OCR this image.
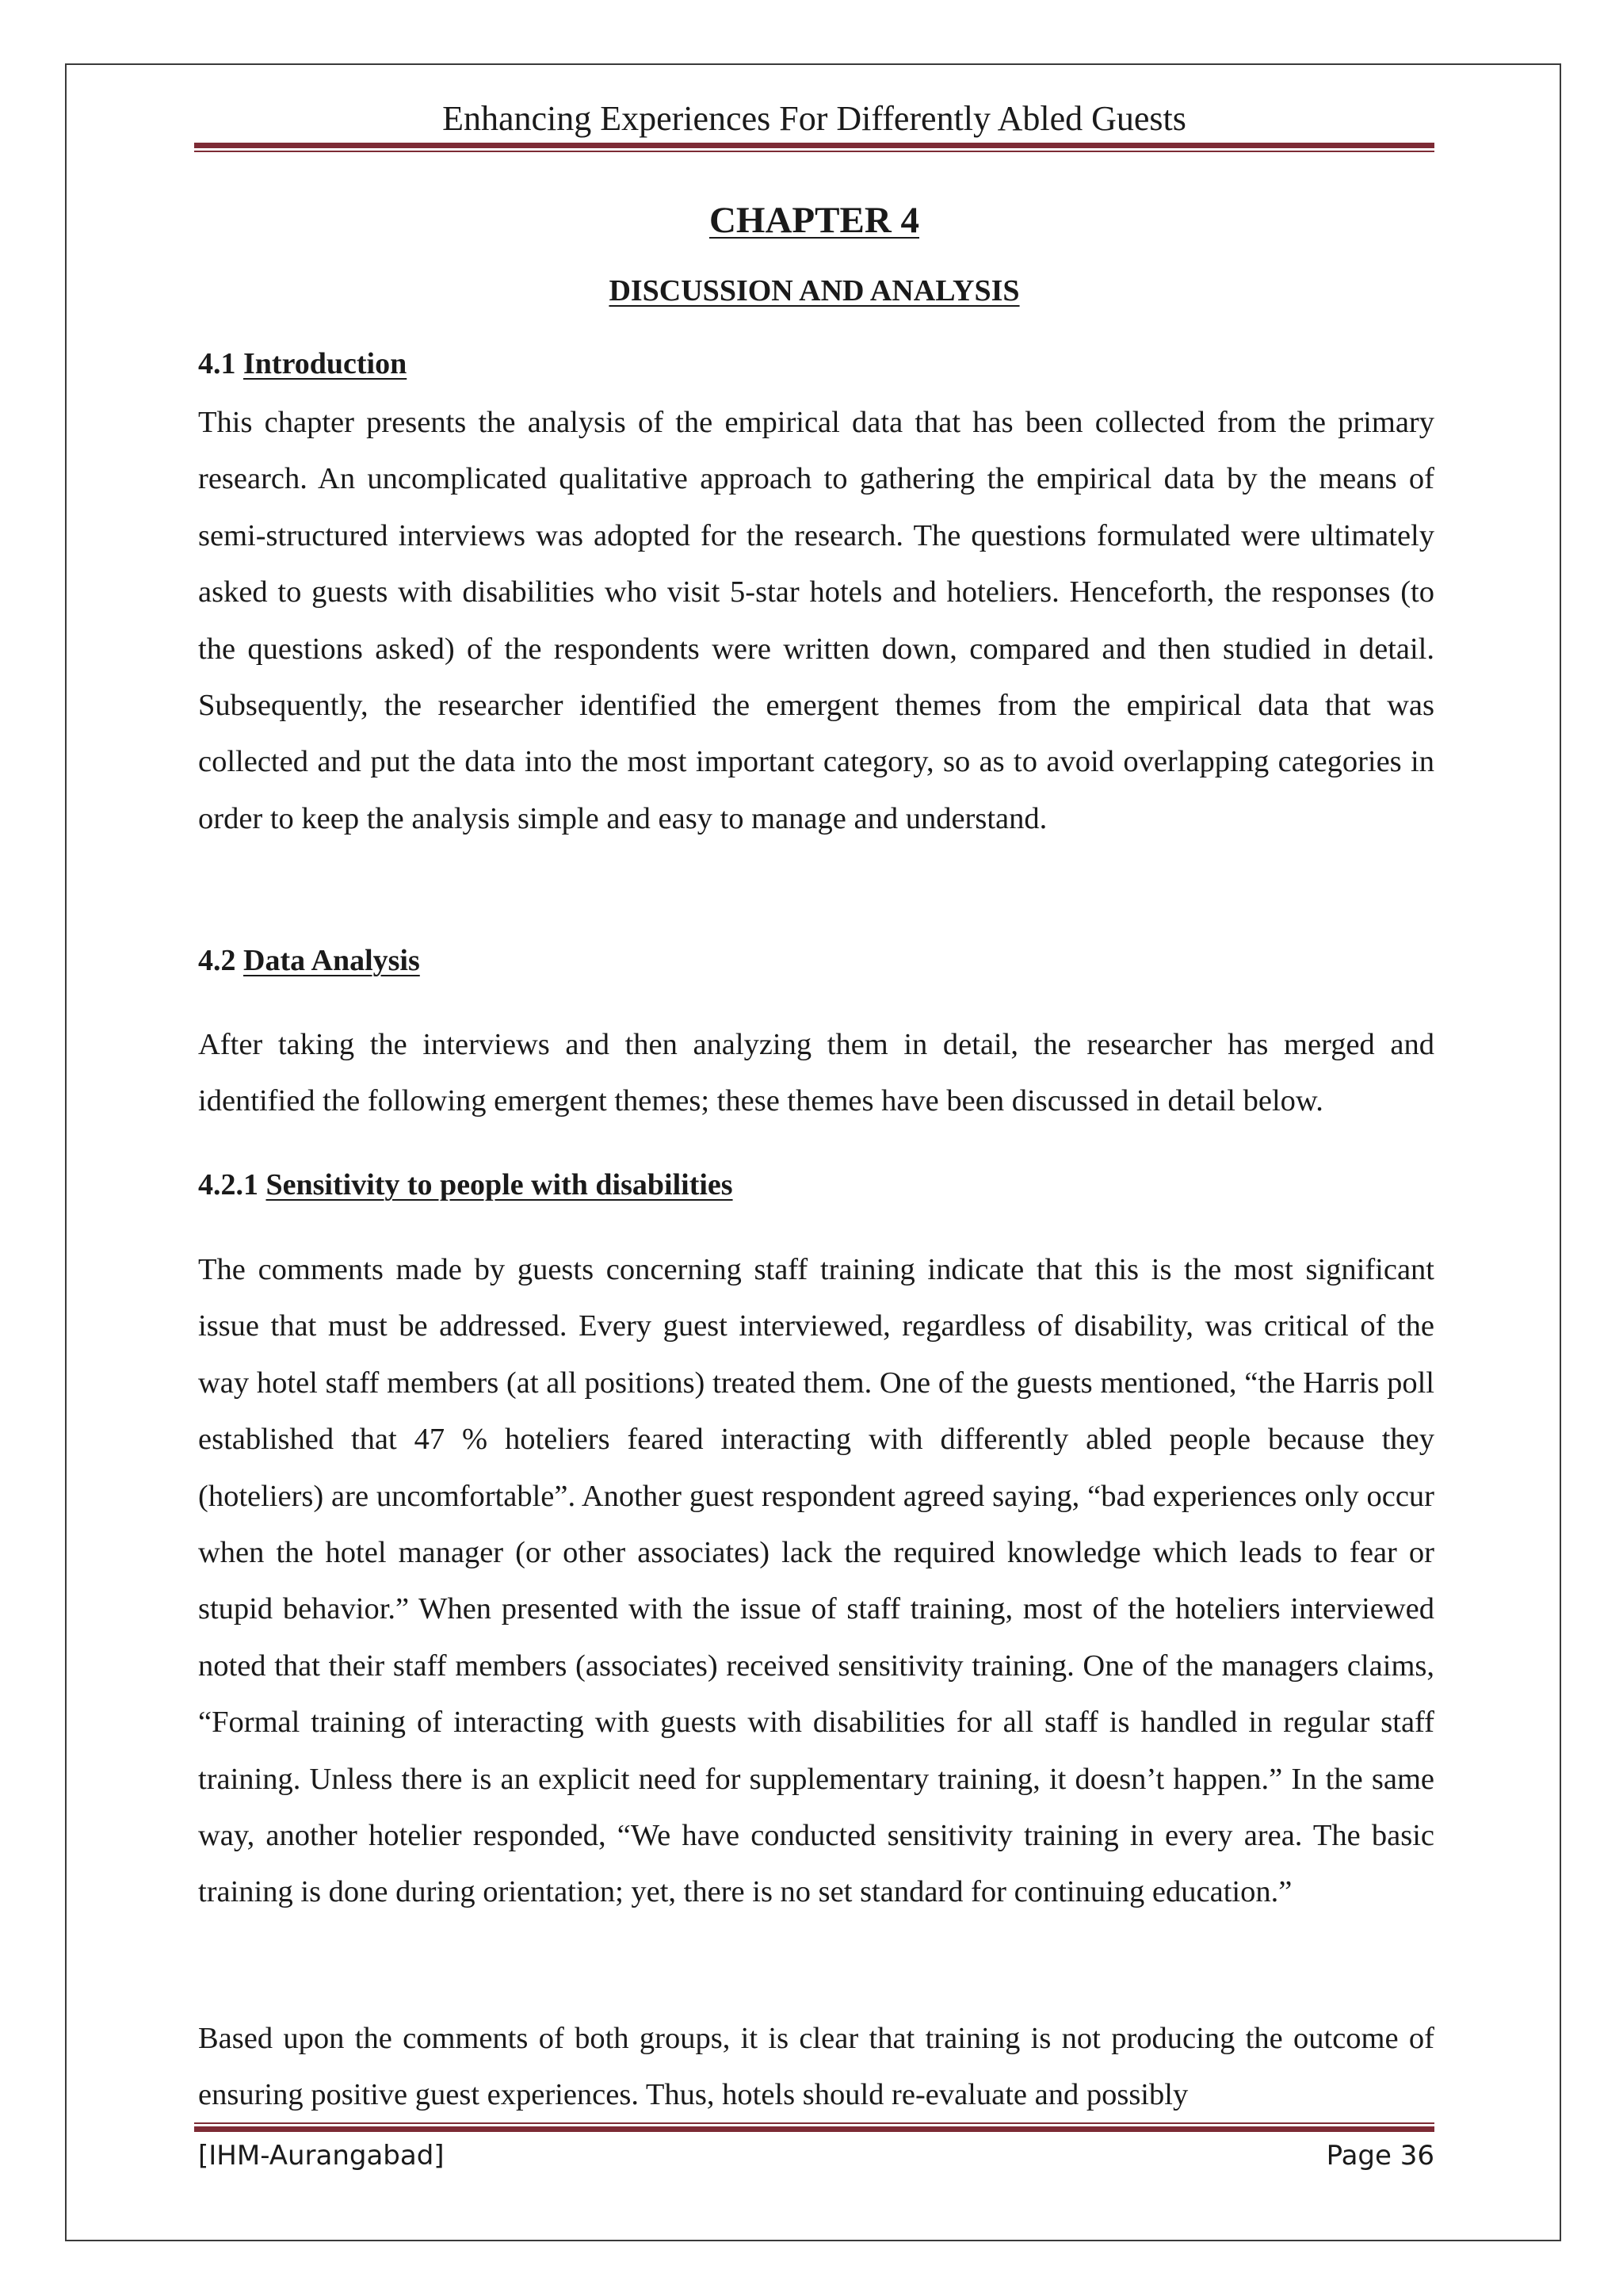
Enhancing Experiences For Differently Abled Guests
CHAPTER 4
DISCUSSION AND ANALYSIS
4.1 Introduction

This chapter presents the analysis of the empirical data that has been collected from the primary research. An uncomplicated qualitative approach to gathering the empirical data by the means of semi-structured interviews was adopted for the research. The questions formulated were ultimately asked to guests with disabilities who visit 5-star hotels and hoteliers. Henceforth, the responses (to the questions asked) of the respondents were written down, compared and then studied in detail. Subsequently, the researcher identified the emergent themes from the empirical data that was collected and put the data into the most important category, so as to avoid overlapping categories in order to keep the analysis simple and easy to manage and understand.

4.2 Data Analysis

After taking the interviews and then analyzing them in detail, the researcher has merged and identified the following emergent themes; these themes have been discussed in detail below.

4.2.1 Sensitivity to people with disabilities

The comments made by guests concerning staff training indicate that this is the most significant issue that must be addressed. Every guest interviewed, regardless of disability, was critical of the way hotel staff members (at all positions) treated them. One of the guests mentioned, “the Harris poll established that 47 % hoteliers feared interacting with differently abled people because they (hoteliers) are uncomfortable”. Another guest respondent agreed saying, “bad experiences only occur when the hotel manager (or other associates) lack the required knowledge which leads to fear or stupid behavior.” When presented with the issue of staff training, most of the hoteliers interviewed noted that their staff members (associates) received sensitivity training. One of the managers claims, “Formal training of interacting with guests with disabilities for all staff is handled in regular staff training. Unless there is an explicit need for supplementary training, it doesn’t happen.” In the same way, another hotelier responded, “We have conducted sensitivity training in every area. The basic training is done during orientation; yet, there is no set standard for continuing education.”

Based upon the comments of both groups, it is clear that training is not producing the outcome of ensuring positive guest experiences. Thus, hotels should re-evaluate and possibly

[IHM-Aurangabad]	Page 36
